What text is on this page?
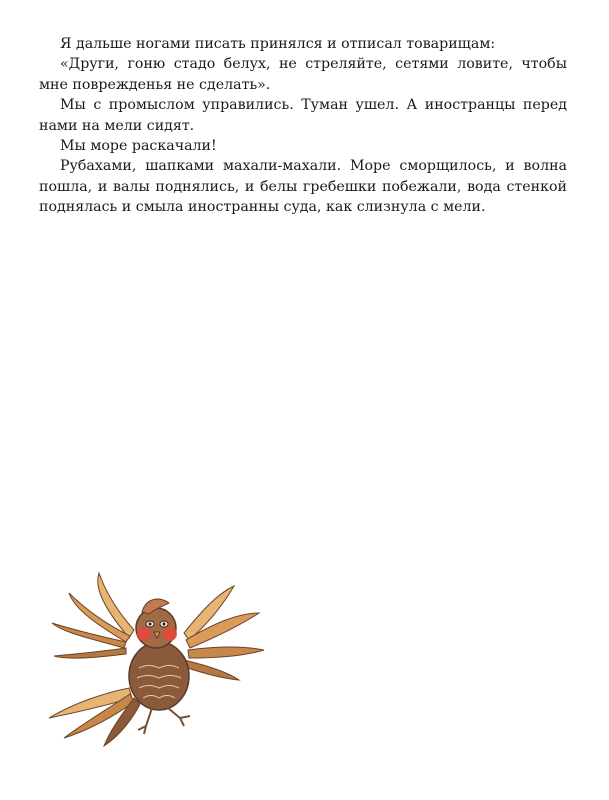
Я дальше ногами писать принялся и отписал товарищам:

«Други, гоню стадо белух, не стреляйте, сетями ловите, чтобы мне поврежденья не сделать».

Мы с промыслом управились. Туман ушел. А иностранцы перед нами на мели сидят.

Мы море раскачали!

Рубахами, шапками махали-махали. Море сморщилось, и волна пошла, и валы поднялись, и белы гребешки побежали, вода стенкой поднялась и смыла иностранны суда, как слизнула с мели.
